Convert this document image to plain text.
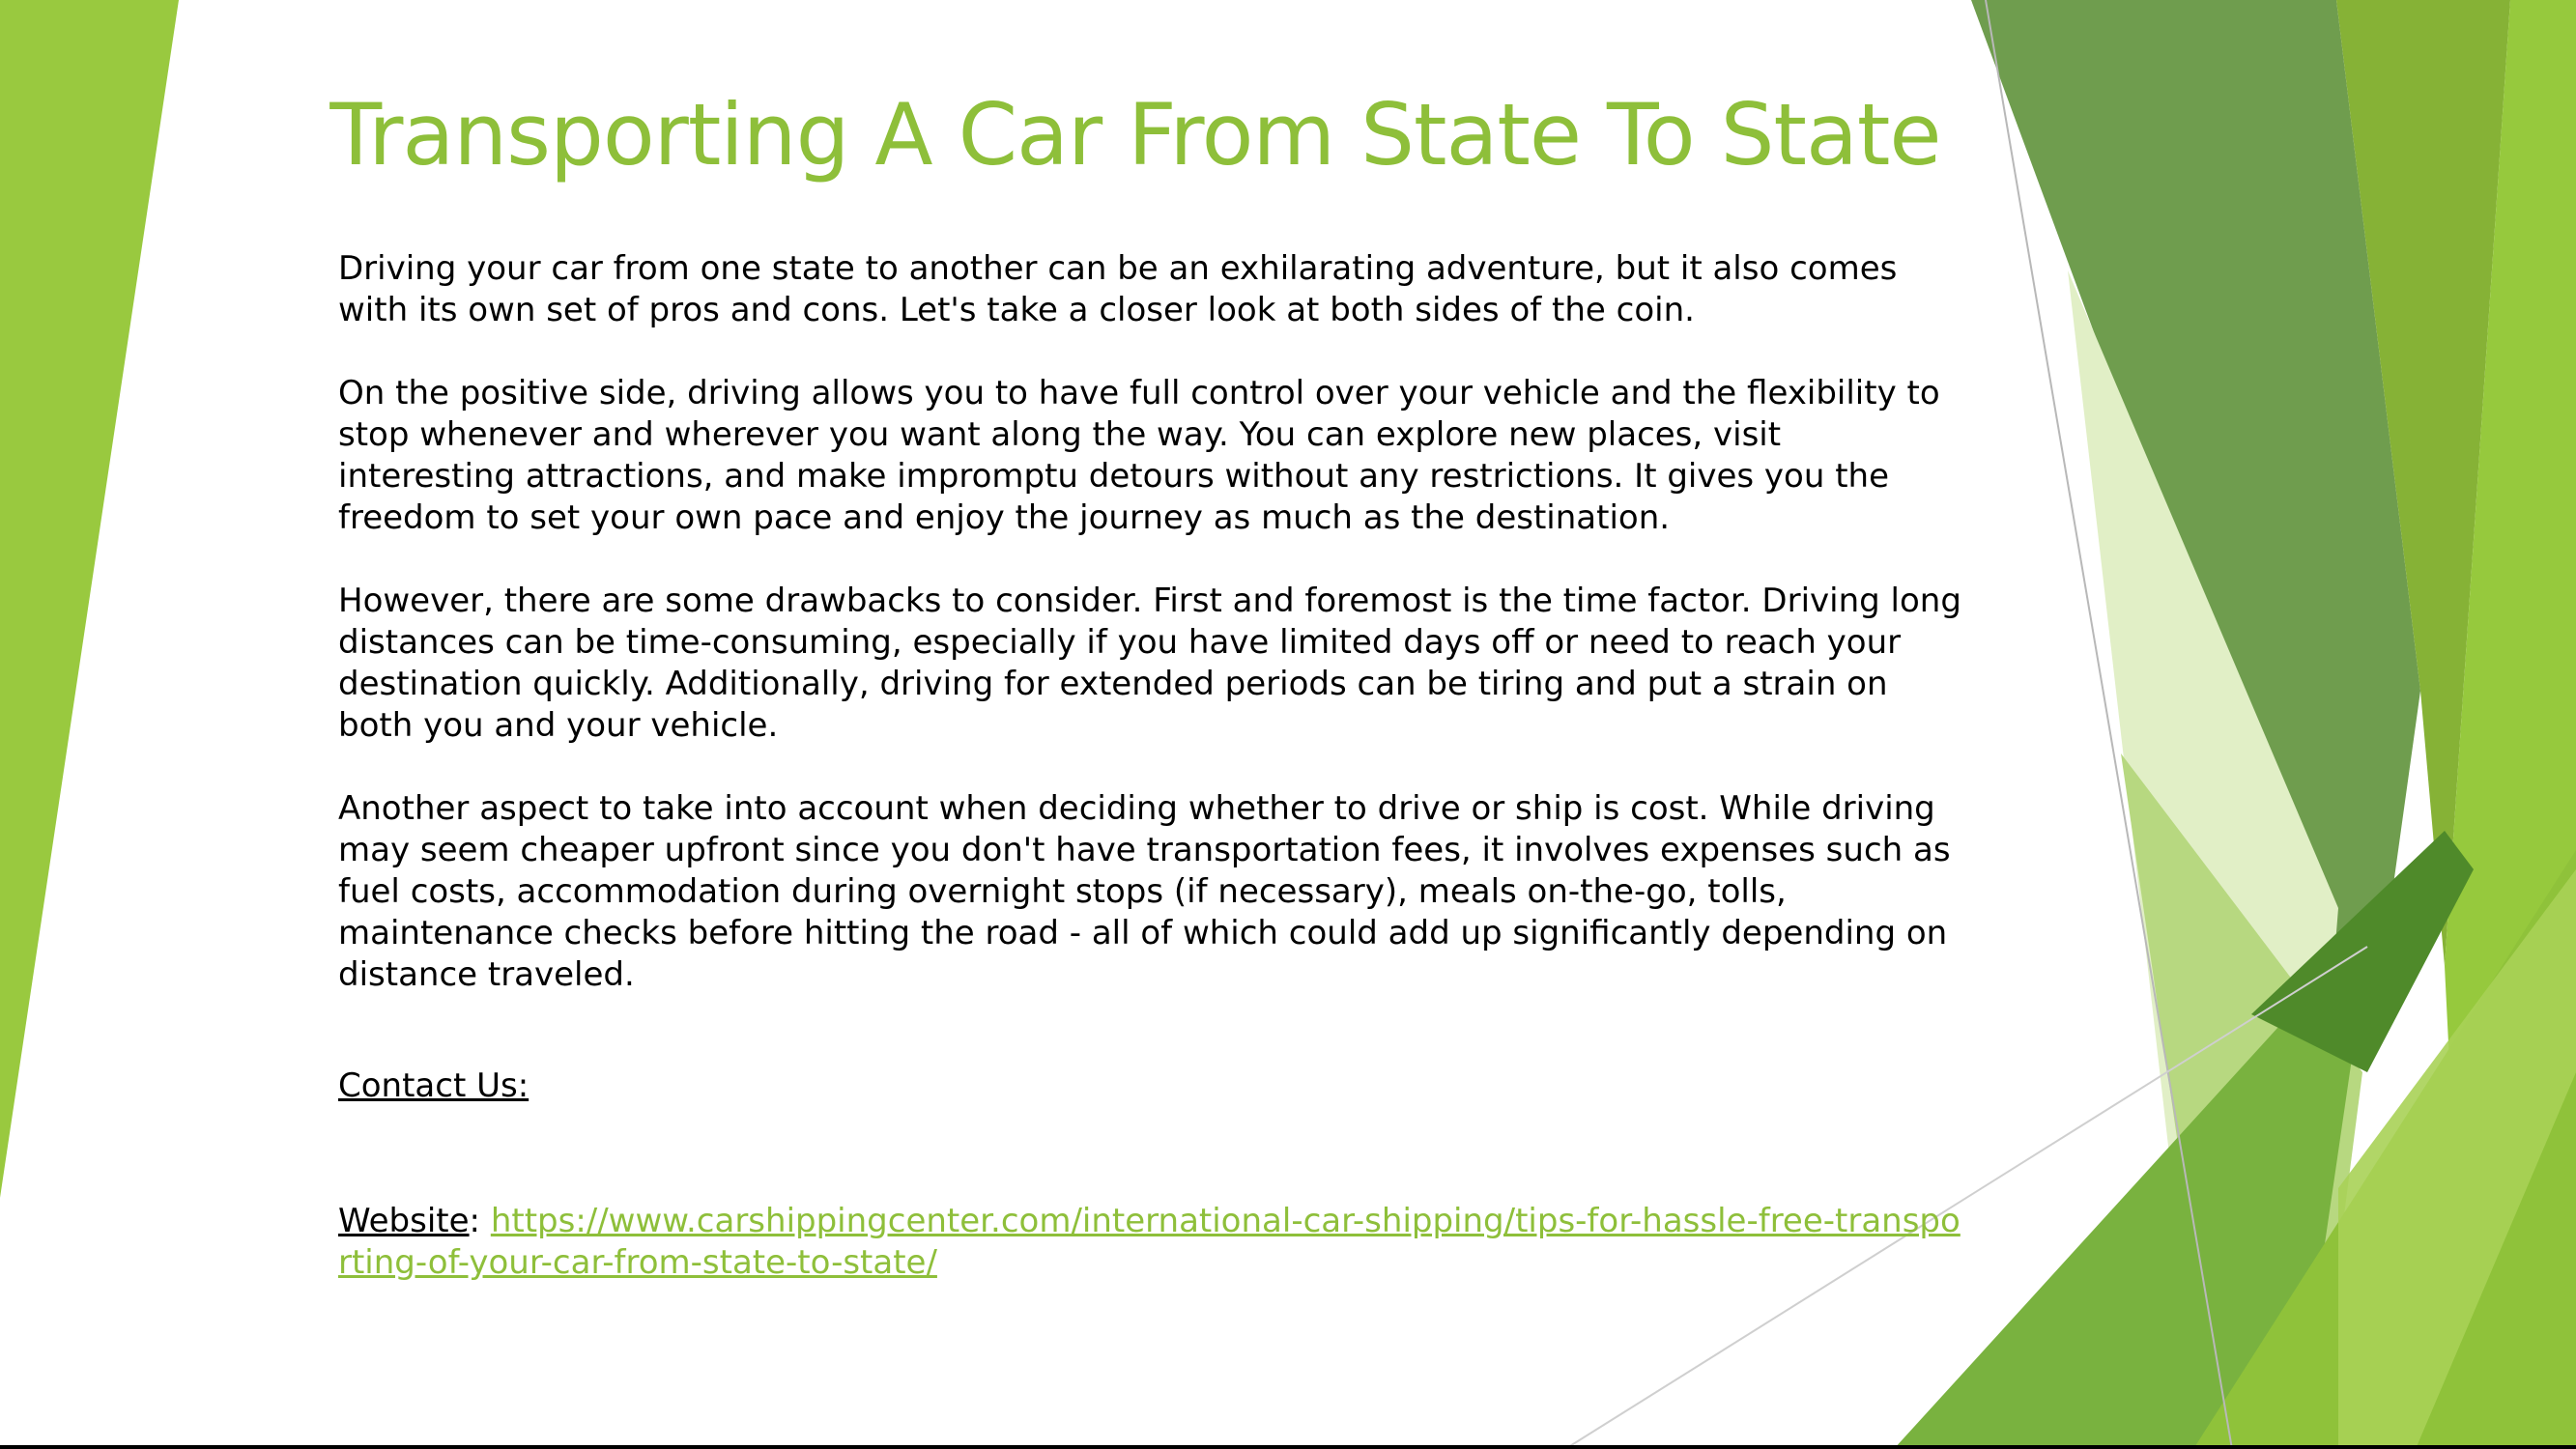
Transporting A Car From State To State

Driving your car from one state to another can be an exhilarating adventure, but it also comes with its own set of pros and cons. Let's take a closer look at both sides of the coin.

On the positive side, driving allows you to have full control over your vehicle and the flexibility to stop whenever and wherever you want along the way. You can explore new places, visit interesting attractions, and make impromptu detours without any restrictions. It gives you the freedom to set your own pace and enjoy the journey as much as the destination.

However, there are some drawbacks to consider. First and foremost is the time factor. Driving long distances can be time-consuming, especially if you have limited days off or need to reach your destination quickly. Additionally, driving for extended periods can be tiring and put a strain on both you and your vehicle.

Another aspect to take into account when deciding whether to drive or ship is cost. While driving may seem cheaper upfront since you don't have transportation fees, it involves expenses such as fuel costs, accommodation during overnight stops (if necessary), meals on-the-go, tolls, maintenance checks before hitting the road - all of which could add up significantly depending on distance traveled.

Contact Us:

Website: https://www.carshippingcenter.com/international-car-shipping/tips-for-hassle-free-transporting-of-your-car-from-state-to-state/
